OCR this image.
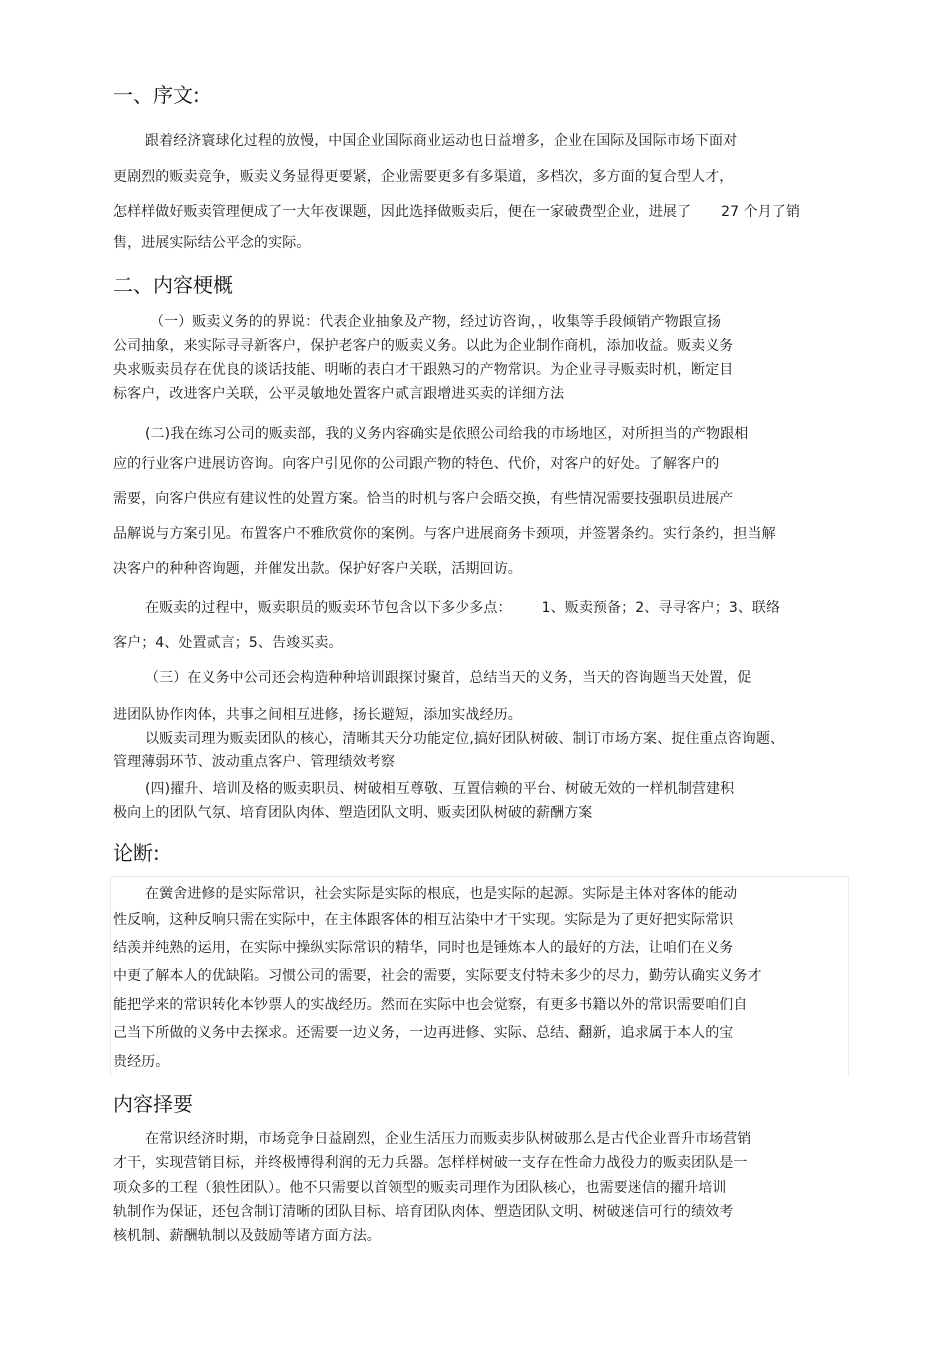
一、序文:
跟着经济寰球化过程的放慢，中国企业国际商业运动也日益增多，企业在国际及国际市场下面对
更剧烈的贩卖竞争，贩卖义务显得更要紧，企业需要更多有多渠道，多档次，多方面的复合型人才，
怎样样做好贩卖管理便成了一大年夜课题，因此选择做贩卖后，便在一家破费型企业，进展了 27 个月了销
售，进展实际结公平念的实际。
二、内容梗概
（一）贩卖义务的的界说：代表企业抽象及产物，经过访咨询，，收集等手段倾销产物跟宣扬
公司抽象，来实际寻寻新客户，保护老客户的贩卖义务。以此为企业制作商机，添加收益。贩卖义务
央求贩卖员存在优良的谈话技能、明晰的表白才干跟熟习的产物常识。为企业寻寻贩卖时机，断定目
标客户，改进客户关联，公平灵敏地处置客户贰言跟增进买卖的详细方法
(二)我在练习公司的贩卖部，我的义务内容确实是依照公司给我的市场地区，对所担当的产物跟相
应的行业客户进展访咨询。向客户引见你的公司跟产物的特色、代价，对客户的好处。了解客户的
需要，向客户供应有建议性的处置方案。恰当的时机与客户会晤交换，有些情况需要技强职员进展产
品解说与方案引见。布置客户不雅欣赏你的案例。与客户进展商务卡颈项，并签署条约。实行条约，担当解
决客户的种种咨询题，并催发出款。保护好客户关联，活期回访。
在贩卖的过程中，贩卖职员的贩卖环节包含以下多少多点： 1、贩卖预备；2、寻寻客户；3、联络
客户；4、处置贰言；5、告竣买卖。
（三）在义务中公司还会构造种种培训跟探讨聚首，总结当天的义务，当天的咨询题当天处置，促
进团队协作肉体，共事之间相互进修，扬长避短，添加实战经历。
以贩卖司理为贩卖团队的核心，清晰其天分功能定位,搞好团队树破、制订市场方案、捉住重点咨询题、
管理薄弱环节、波动重点客户、管理绩效考察
(四)擢升、培训及格的贩卖职员、树破相互尊敬、互置信赖的平台、树破无效的一样机制营建积
极向上的团队气氛、培育团队肉体、塑造团队文明、贩卖团队树破的薪酬方案
论断:
在黉舍进修的是实际常识，社会实际是实际的根底，也是实际的起源。实际是主体对客体的能动
性反响，这种反响只需在实际中，在主体跟客体的相互沾染中才干实现。实际是为了更好把实际常识
结羡并纯熟的运用，在实际中操纵实际常识的精华，同时也是锤炼本人的最好的方法，让咱们在义务
中更了解本人的优缺陷。习惯公司的需要，社会的需要，实际要支付特未多少的尽力，勤劳认确实义务才
能把学来的常识转化本钞票人的实战经历。然而在实际中也会觉察，有更多书籍以外的常识需要咱们自
己当下所做的义务中去探求。还需要一边义务，一边再进修、实际、总结、翻新，追求属于本人的宝
贵经历。
内容择要
在常识经济时期，市场竞争日益剧烈，企业生活压力而贩卖步队树破那么是古代企业晋升市场营销
才干，实现营销目标，并终极博得利润的无力兵器。怎样样树破一支存在性命力战役力的贩卖团队是一
项众多的工程（狼性团队）。他不只需要以首领型的贩卖司理作为团队核心，也需要迷信的擢升培训
轨制作为保证，还包含制订清晰的团队目标、培育团队肉体、塑造团队文明、树破迷信可行的绩效考
核机制、薪酬轨制以及鼓励等诸方面方法。
